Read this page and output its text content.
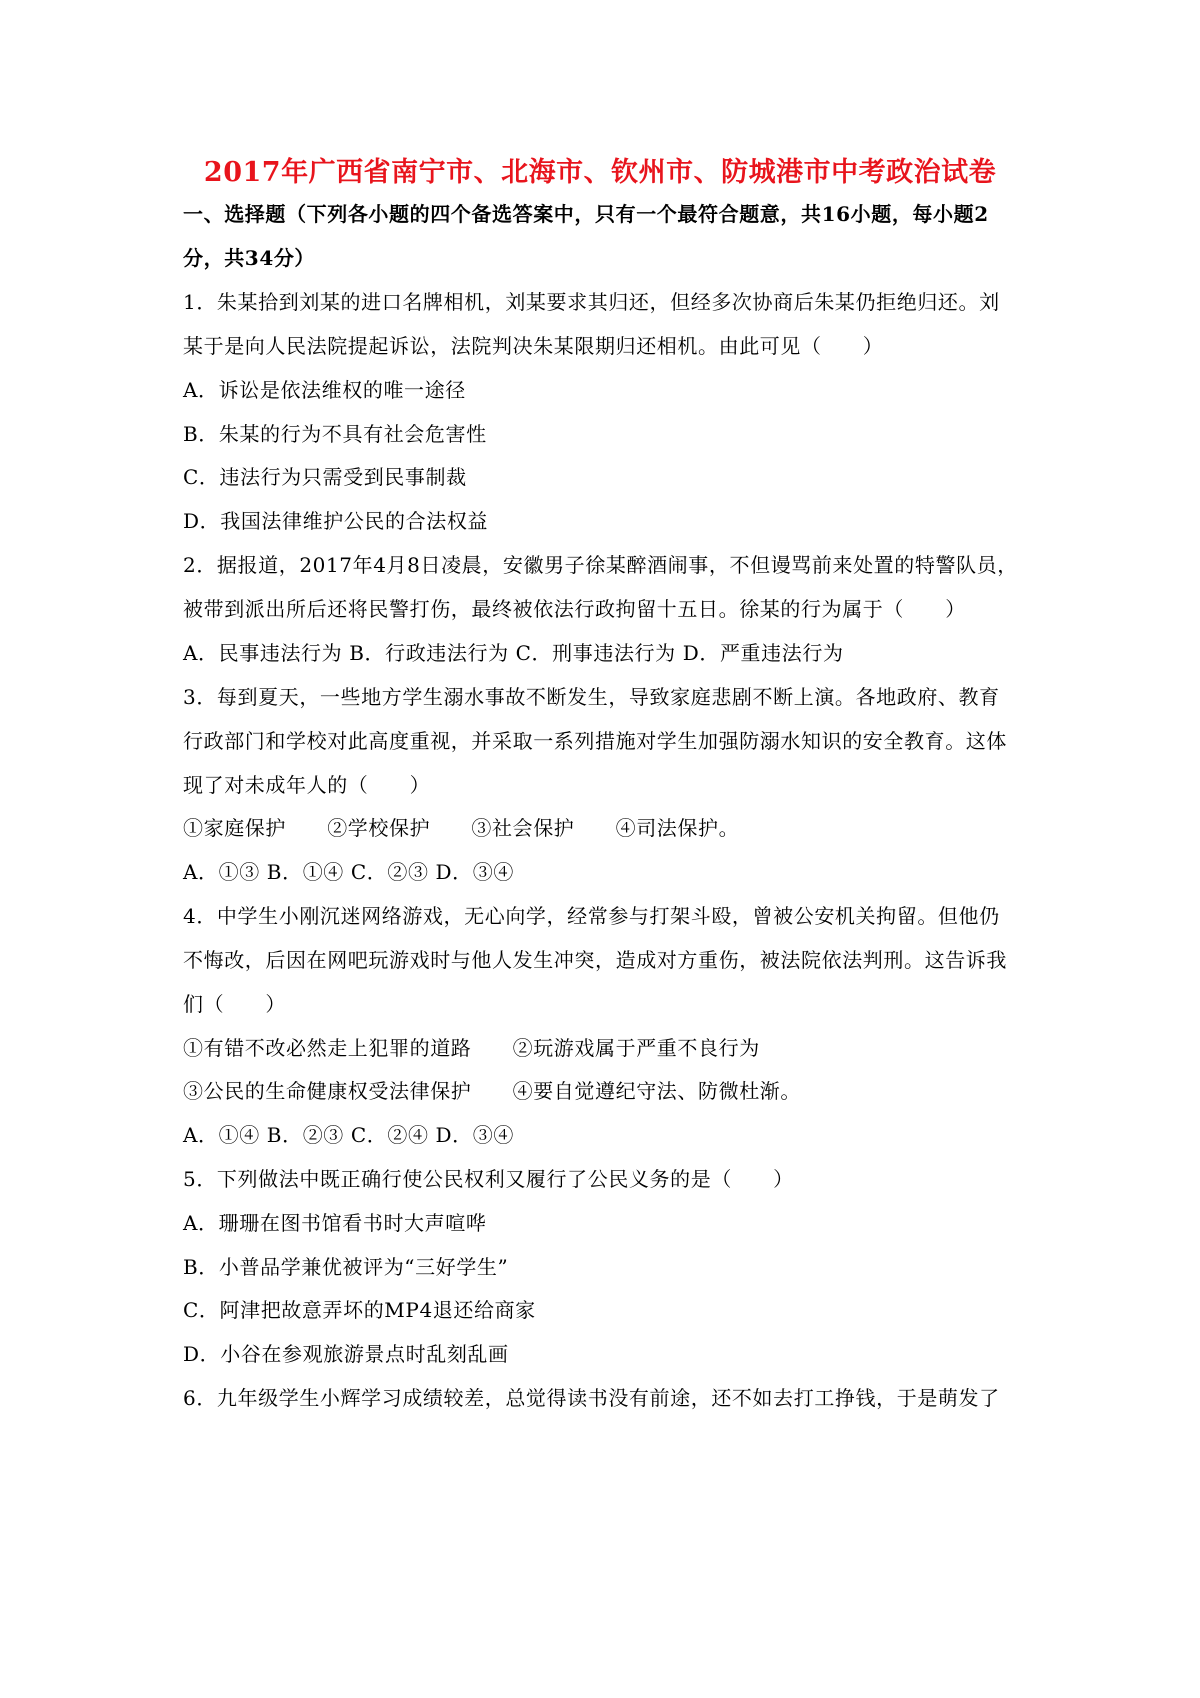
2017年广西省南宁市、北海市、钦州市、防城港市中考政治试卷
一、选择题（下列各小题的四个备选答案中，只有一个最符合题意，共16小题，每小题2
分，共34分）
1．朱某拾到刘某的进口名牌相机，刘某要求其归还，但经多次协商后朱某仍拒绝归还。刘
某于是向人民法院提起诉讼，法院判决朱某限期归还相机。由此可见（　　）
A．诉讼是依法维权的唯一途径
B．朱某的行为不具有社会危害性
C．违法行为只需受到民事制裁
D．我国法律维护公民的合法权益
2．据报道，2017年4月8日凌晨，安徽男子徐某醉酒闹事，不但谩骂前来处置的特警队员，
被带到派出所后还将民警打伤，最终被依法行政拘留十五日。徐某的行为属于（　　）
A．民事违法行为 B．行政违法行为 C．刑事违法行为 D．严重违法行为
3．每到夏天，一些地方学生溺水事故不断发生，导致家庭悲剧不断上演。各地政府、教育
行政部门和学校对此高度重视，并采取一系列措施对学生加强防溺水知识的安全教育。这体
现了对未成年人的（　　）
①家庭保护　　②学校保护　　③社会保护　　④司法保护。
A．①③ B．①④ C．②③ D．③④
4．中学生小刚沉迷网络游戏，无心向学，经常参与打架斗殴，曾被公安机关拘留。但他仍
不悔改，后因在网吧玩游戏时与他人发生冲突，造成对方重伤，被法院依法判刑。这告诉我
们（　　）
①有错不改必然走上犯罪的道路　　②玩游戏属于严重不良行为
③公民的生命健康权受法律保护　　④要自觉遵纪守法、防微杜渐。
A．①④ B．②③ C．②④ D．③④
5．下列做法中既正确行使公民权利又履行了公民义务的是（　　）
A．珊珊在图书馆看书时大声喧哗
B．小普品学兼优被评为“三好学生”
C．阿津把故意弄坏的MP4退还给商家
D．小谷在参观旅游景点时乱刻乱画
6．九年级学生小辉学习成绩较差，总觉得读书没有前途，还不如去打工挣钱，于是萌发了
